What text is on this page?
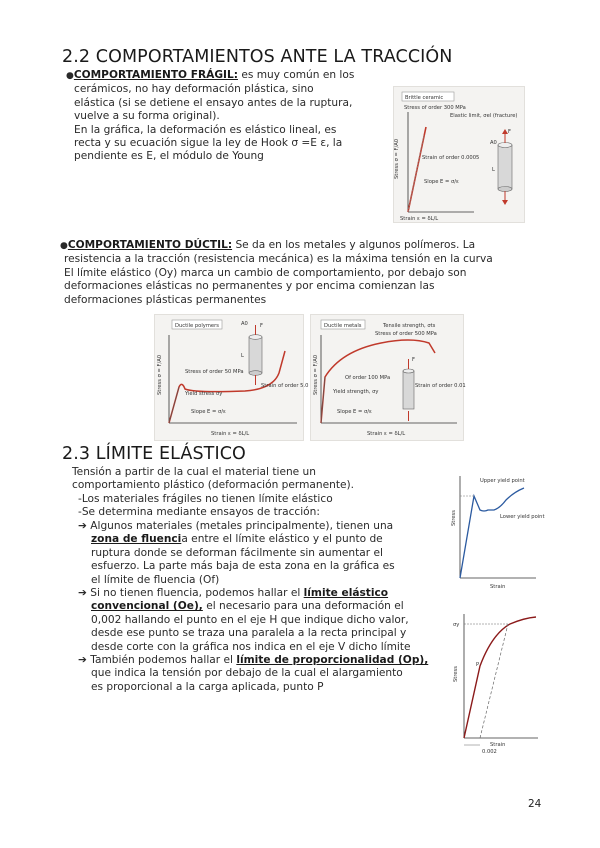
2.2 COMPORTAMIENTOS ANTE LA TRACCIÓN
●COMPORTAMIENTO FRÁGIL: es muy común en los
cerámicos, no hay deformación plástica, sino
elástica (si se detiene el ensayo antes de la ruptura,
vuelve a su forma original).
En la gráfica, la deformación es elástico lineal, es
recta y su ecuación sigue la ley de Hook σ =E ε, la
pendiente es E, el módulo de Young
Brittle ceramic
Stress of order 300 MPa
Elastic limit, σel (fracture)
Strain of order 0.0005
Slope E = σ/ε
Stress σ = F/A0
Strain ε = δL/L
A0
F
L
●COMPORTAMIENTO DÚCTIL: Se da en los metales y algunos polímeros. La
resistencia a la tracción (resistencia mecánica) es la máxima tensión en la curva
El límite elástico (Oy) marca un cambio de comportamiento, por debajo son
deformaciones elásticas no permanentes y por encima comienzan las
deformaciones plásticas permanentes
Ductile polymers
Stress of order 50 MPa
Yield stress σy
Strain of order 5.0
Slope E = σ/ε
Stress σ = F/A0
Strain ε = δL/L
A0 F
L
Ductile metals	Tensile strength, σts
Stress of order 500 MPa
Of order 100 MPa
Yield strength, σy
Strain of order 0.01
Slope E = σ/ε
Stress σ = F/A0
Strain ε = δL/L
F
2.3 LÍMITE ELÁSTICO
Tensión a partir de la cual el material tiene un
comportamiento plástico (deformación permanente).
-Los materiales frágiles no tienen límite elástico
-Se determina mediante ensayos de tracción:
➔ Algunos materiales (metales principalmente), tienen una
zona de fluencia entre el límite elástico y el punto de
ruptura donde se deforman fácilmente sin aumentar el
esfuerzo. La parte más baja de esta zona en la gráfica es
el límite de fluencia (Of)
➔ Si no tienen fluencia, podemos hallar el límite elástico
convencional (Oe), el necesario para una deformación el
0,002 hallando el punto en el eje H que indique dicho valor,
desde ese punto se traza una paralela a la recta principal y
desde corte con la gráfica nos indica en el eje V dicho límite
➔ También podemos hallar el límite de proporcionalidad (Op),
que indica la tensión por debajo de la cual el alargamiento
es proporcional a la carga aplicada, punto P
Upper yield point
Lower yield point
Stress
Strain
σy
P
Stress
Strain
0.002
24
